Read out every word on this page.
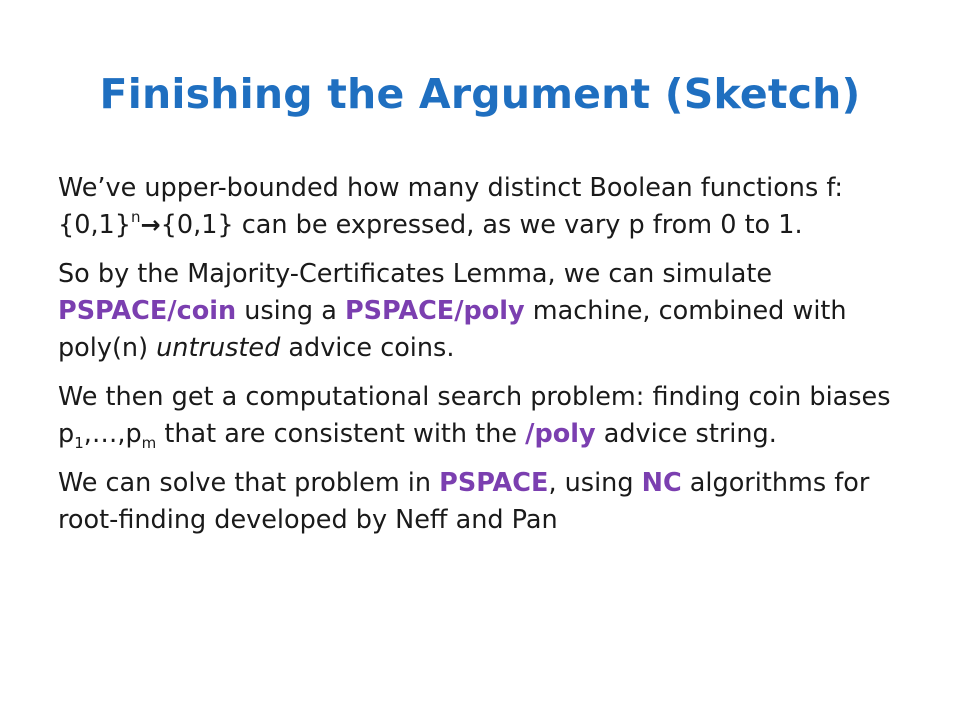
Finishing the Argument (Sketch)

We’ve upper-bounded how many distinct Boolean functions $f:\{0,1\}^n\to\{0,1\}$ can be expressed, as we vary p from 0 to 1.

So by the Majority-Certificates Lemma, we can simulate PSPACE/coin using a PSPACE/poly machine, combined with poly(n) untrusted advice coins.

We then get a computational search problem: finding coin biases $p_1,\dots,p_m$ that are consistent with the /poly advice string.

We can solve that problem in PSPACE, using NC algorithms for root-finding developed by Neff and Pan
